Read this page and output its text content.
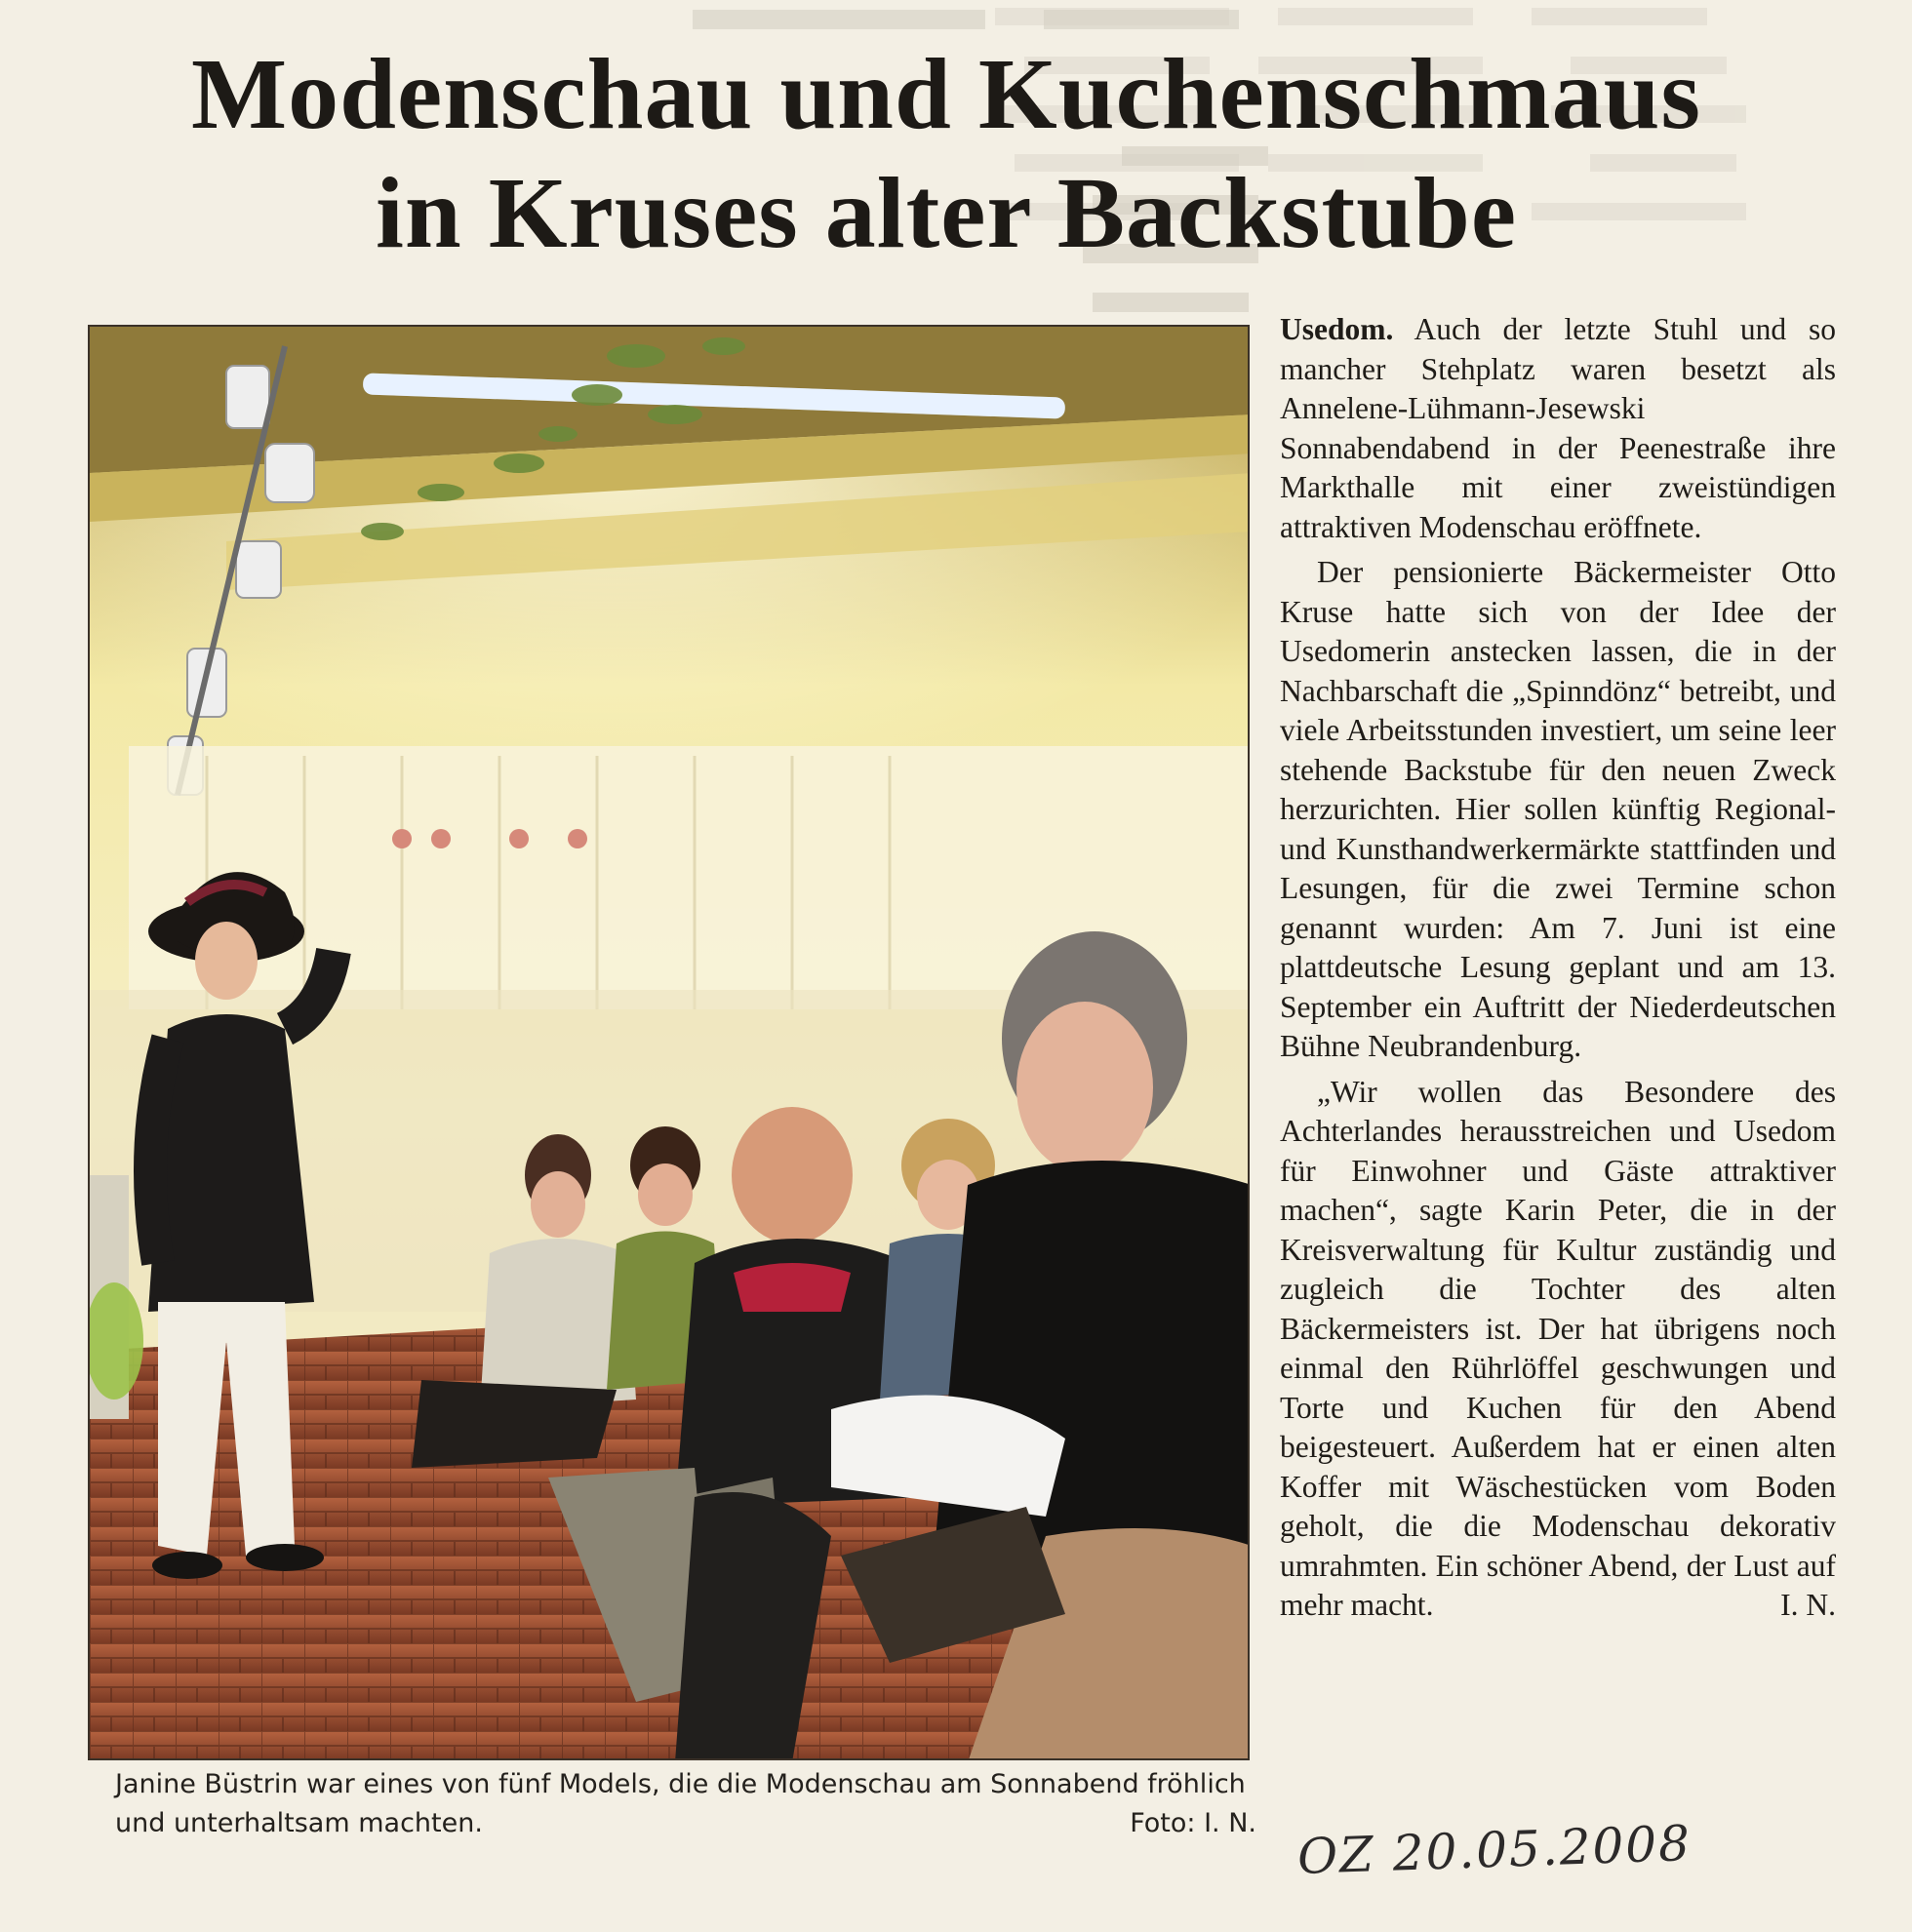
Modenschau und Kuchenschmaus
in Kruses alter Backstube
Janine Büstrin war eines von fünf Models, die die Modenschau am Sonnabend fröhlich und unterhaltsam machten.	Foto: I. N.

Usedom. Auch der letzte Stuhl und so mancher Stehplatz waren besetzt als Annelene-Lühmann-Jesewski Sonnabendabend in der Peenestraße ihre Markthalle mit einer zweistündigen attraktiven Modenschau eröffnete.

Der pensionierte Bäckermeister Otto Kruse hatte sich von der Idee der Usedomerin anstecken lassen, die in der Nachbarschaft die „Spinndönz“ betreibt, und viele Arbeitsstunden investiert, um seine leer stehende Backstube für den neuen Zweck herzurichten. Hier sollen künftig Regional- und Kunsthandwerkermärkte stattfinden und Lesungen, für die zwei Termine schon genannt wurden: Am 7. Juni ist eine plattdeutsche Lesung geplant und am 13. September ein Auftritt der Niederdeutschen Bühne Neubrandenburg.

„Wir wollen das Besondere des Achterlandes herausstreichen und Usedom für Einwohner und Gäste attraktiver machen“, sagte Karin Peter, die in der Kreisverwaltung für Kultur zuständig und zugleich die Tochter des alten Bäckermeisters ist. Der hat übrigens noch einmal den Rührlöffel geschwungen und Torte und Kuchen für den Abend beigesteuert. Außerdem hat er einen alten Koffer mit Wäschestücken vom Boden geholt, die die Modenschau dekorativ umrahmten. Ein schöner Abend, der Lust auf mehr macht.	I. N.

OZ 20.05.2008
